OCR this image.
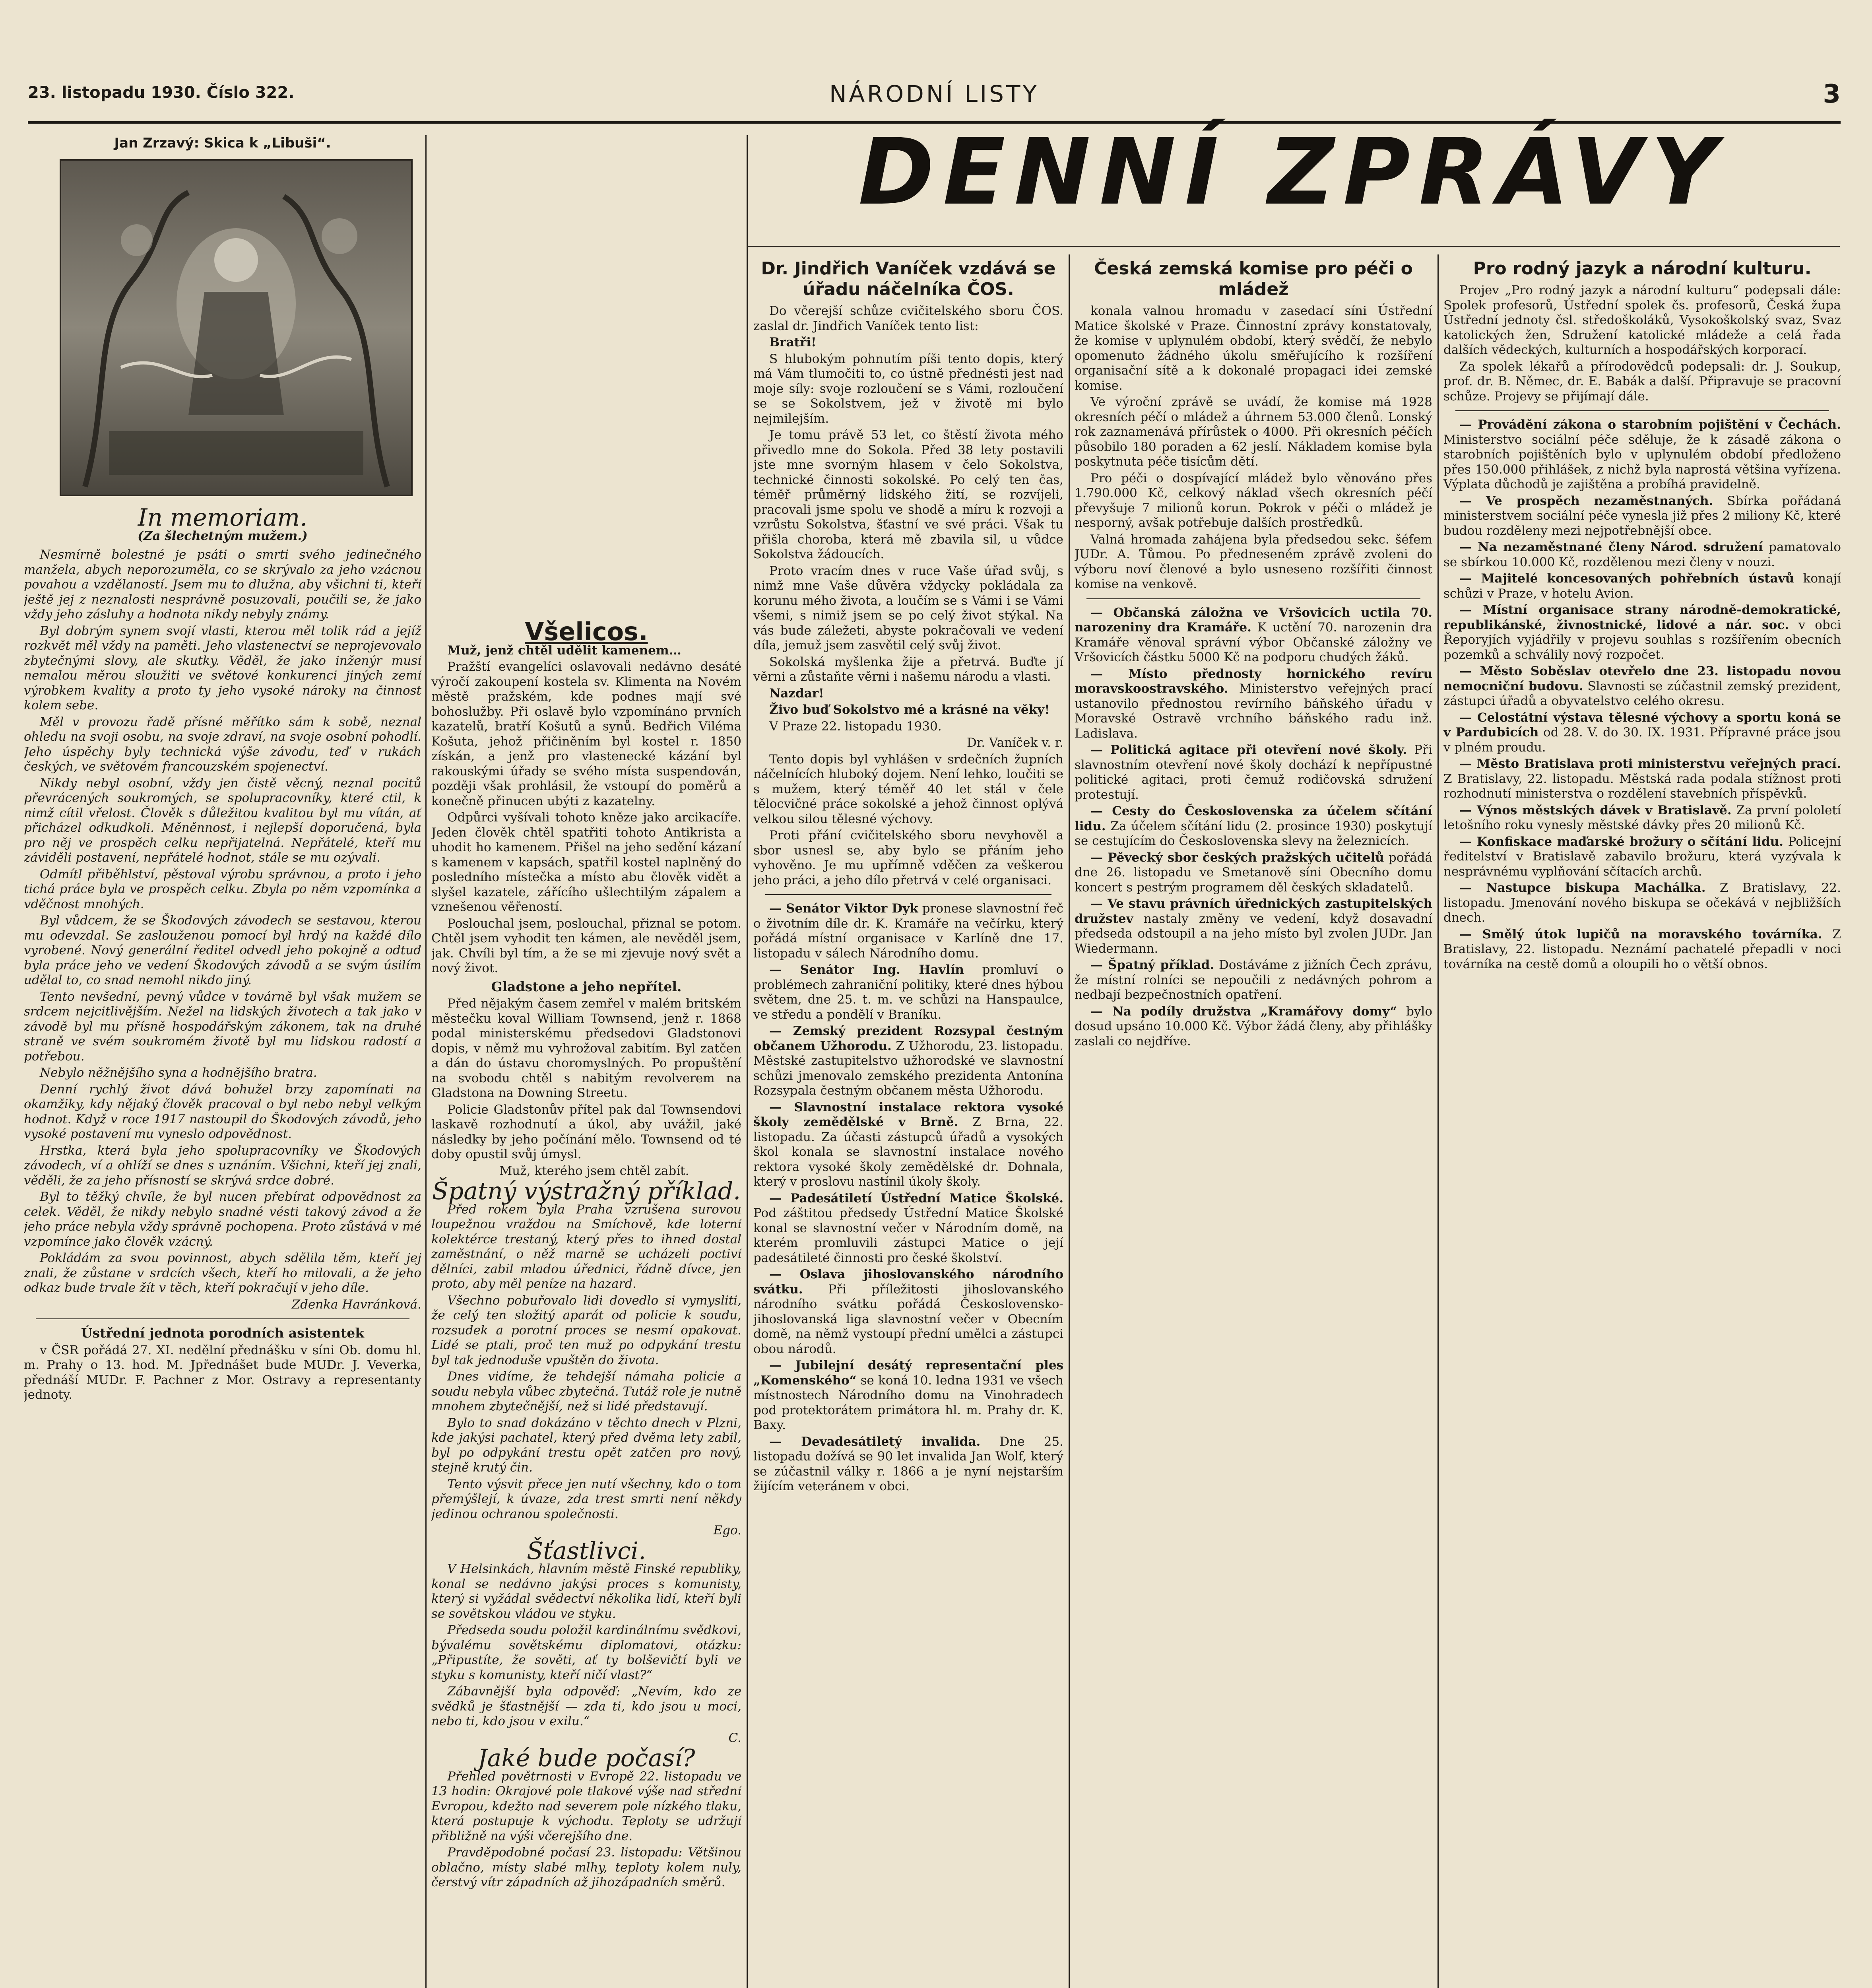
23. listopadu 1930. Číslo 322.	NÁRODNÍ LISTY	3
Jan Zrzavý: Skica k „Libuši“.
In memoriam.
(Za šlechetným mužem.)

Nesmírně bolestné je psáti o smrti svého jedinečného manžela, abych neporozuměla, co se skrývalo za jeho vzácnou povahou a vzdělaností. Jsem mu to dlužna, aby všichni ti, kteří ještě jej z neznalosti nesprávně posuzovali, poučili se, že jako vždy jeho zásluhy a hodnota nikdy nebyly známy.

Byl dobrým synem svojí vlasti, kterou měl tolik rád a jejíž rozkvět měl vždy na paměti. Jeho vlastenectví se neprojevovalo zbytečnými slovy, ale skutky. Věděl, že jako inženýr musí nemalou měrou sloužiti ve světové konkurenci jiných zemí výrobkem kvality a proto ty jeho vysoké nároky na činnost kolem sebe.

Měl v provozu řadě přísné měřítko sám k sobě, neznal ohledu na svoji osobu, na svoje zdraví, na svoje osobní pohodlí. Jeho úspěchy byly technická výše závodu, teď v rukách českých, ve světovém francouzském spojenectví.

Nikdy nebyl osobní, vždy jen čistě věcný, neznal pocitů převrácených soukromých, se spolupracovníky, které ctil, k nimž cítil vřelost. Člověk s důležitou kvalitou byl mu vítán, ať přicházel odkudkoli. Měněnnost, i nejlepší doporučená, byla pro něj ve prospěch celku nepřijatelná. Nepřátelé, kteří mu záviděli postavení, nepřátelé hodnot, stále se mu ozývali.

Odmítl přiběhlství, pěstoval výrobu správnou, a proto i jeho tichá práce byla ve prospěch celku. Zbyla po něm vzpomínka a vděčnost mnohých.

Byl vůdcem, že se Škodových závodech se sestavou, kterou mu odevzdal. Se zaslouženou pomocí byl hrdý na každé dílo vyrobené. Nový generální ředitel odvedl jeho pokojně a odtud byla práce jeho ve vedení Škodových závodů a se svým úsilím udělal to, co snad nemohl nikdo jiný.

Tento nevšední, pevný vůdce v továrně byl však mužem se srdcem nejcitlivějším. Nežel na lidských životech a tak jako v závodě byl mu přísně hospodářským zákonem, tak na druhé straně ve svém soukromém životě byl mu lidskou radostí a potřebou.

Nebylo něžnějšího syna a hodnějšího bratra.

Denní rychlý život dává bohužel brzy zapomínati na okamžiky, kdy nějaký člověk pracoval o byl nebo nebyl velkým hodnot. Když v roce 1917 nastoupil do Škodových závodů, jeho vysoké postavení mu vyneslo odpovědnost.

Hrstka, která byla jeho spolupracovníky ve Škodových závodech, ví a ohlíží se dnes s uznáním. Všichni, kteří jej znali, věděli, že za jeho přísností se skrývá srdce dobré.

Byl to těžký chvíle, že byl nucen přebírat odpovědnost za celek. Věděl, že nikdy nebylo snadné vésti takový závod a že jeho práce nebyla vždy správně pochopena. Proto zůstává v mé vzpomínce jako člověk vzácný.

Pokládám za svou povinnost, abych sdělila těm, kteří jej znali, že zůstane v srdcích všech, kteří ho milovali, a že jeho odkaz bude trvale žít v těch, kteří pokračují v jeho díle.

Zdenka Havránková.
Ústřední jednota porodních asistentek

v ČSR pořádá 27. XI. nedělní přednášku v síni Ob. domu hl. m. Prahy o 13. hod. M. Jpřednášet bude MUDr. J. Veverka, přednáší MUDr. F. Pachner z Mor. Ostravy a representanty jednoty.

Všelicos.

Muž, jenž chtěl udělit kamenem…

Pražští evangelíci oslavovali nedávno desáté výročí zakoupení kostela sv. Klimenta na Novém městě pražském, kde podnes mají své bohoslužby. Při oslavě bylo vzpomínáno prvních kazatelů, bratří Košutů a synů. Bedřich Viléma Košuta, jehož přičiněním byl kostel r. 1850 získán, a jenž pro vlastenecké kázání byl rakouskými úřady se svého místa suspendován, později však prohlásil, že vstoupí do poměrů a konečně přinucen ubýti z kazatelny.

Odpůrci vyšívali tohoto kněze jako arcikacíře. Jeden člověk chtěl spatřiti tohoto Antikrista a uhodit ho kamenem. Přišel na jeho sedění kázaní s kamenem v kapsách, spatřil kostel naplněný do posledního místečka a místo abu člověk vidět a slyšel kazatele, zářícího ušlechtilým zápalem a vznešenou věřeností.

Poslouchal jsem, poslouchal, přiznal se potom. Chtěl jsem vyhodit ten kámen, ale nevěděl jsem, jak. Chvíli byl tím, a že se mi zjevuje nový svět a nový život.

Gladstone a jeho nepřítel.

Před nějakým časem zemřel v malém britském městečku koval William Townsend, jenž r. 1868 podal ministerskému předsedovi Gladstonovi dopis, v němž mu vyhrožoval zabitím. Byl zatčen a dán do ústavu choromyslných. Po propuštění na svobodu chtěl s nabitým revolverem na Gladstona na Downing Streetu.

Policie Gladstonův přítel pak dal Townsendovi laskavě rozhodnutí a úkol, aby uvážil, jaké následky by jeho počínání mělo. Townsend od té doby opustil svůj úmysl.

Muž, kterého jsem chtěl zabít.

Špatný výstražný příklad.

Před rokem byla Praha vzrušena surovou loupežnou vraždou na Smíchově, kde loterní kolektérce trestaný, který přes to ihned dostal zaměstnání, o něž marně se ucházeli poctiví dělníci, zabil mladou úřednici, řádně dívce, jen proto, aby měl peníze na hazard.

Všechno pobuřovalo lidi dovedlo si vymysliti, že celý ten složitý aparát od policie k soudu, rozsudek a porotní proces se nesmí opakovat. Lidé se ptali, proč ten muž po odpykání trestu byl tak jednoduše vpuštěn do života.

Dnes vidíme, že tehdejší námaha policie a soudu nebyla vůbec zbytečná. Tutáž role je nutně mnohem zbytečnější, než si lidé představují.

Bylo to snad dokázáno v těchto dnech v Plzni, kde jakýsi pachatel, který před dvěma lety zabil, byl po odpykání trestu opět zatčen pro nový, stejně krutý čin.

Tento výsvit přece jen nutí všechny, kdo o tom přemýšlejí, k úvaze, zda trest smrti není někdy jedinou ochranou společnosti.

Ego.
Šťastlivci.

V Helsinkách, hlavním městě Finské republiky, konal se nedávno jakýsi proces s komunisty, který si vyžádal svědectví několika lidí, kteří byli se sovětskou vládou ve styku.

Předseda soudu položil kardinálnímu svědkovi, bývalému sovětskému diplomatovi, otázku: „Připustíte, že sověti, ať ty bolševičtí byli ve styku s komunisty, kteří ničí vlast?“

Zábavnější byla odpověď: „Nevím, kdo ze svědků je šťastnější — zda ti, kdo jsou u moci, nebo ti, kdo jsou v exilu.“

C.
Jaké bude počasí?

Přehled povětrnosti v Evropě 22. listopadu ve 13 hodin: Okrajové pole tlakové výše nad střední Evropou, kdežto nad severem pole nízkého tlaku, která postupuje k východu. Teploty se udržují přibližně na výši včerejšího dne.

Pravděpodobné počasí 23. listopadu: Většinou oblačno, místy slabé mlhy, teploty kolem nuly, čerstvý vítr západních až jihozápadních směrů.

DENNÍ ZPRÁVY
Dr. Jindřich Vaníček vzdává se úřadu náčelníka ČOS.

Do včerejší schůze cvičitelského sboru ČOS. zaslal dr. Jindřich Vaníček tento list:

Bratři!

S hlubokým pohnutím píši tento dopis, který má Vám tlumočiti to, co ústně přednésti jest nad moje síly: svoje rozloučení se s Vámi, rozloučení se se Sokolstvem, jež v životě mi bylo nejmilejším.

Je tomu právě 53 let, co štěstí života mého přivedlo mne do Sokola. Před 38 lety postavili jste mne svorným hlasem v čelo Sokolstva, technické činnosti sokolské. Po celý ten čas, téměř průměrný lidského žití, se rozvíjeli, pracovali jsme spolu ve shodě a míru k rozvoji a vzrůstu Sokolstva, šťastní ve své práci. Však tu přišla choroba, která mě zbavila sil, u vůdce Sokolstva žádoucích.

Proto vracím dnes v ruce Vaše úřad svůj, s nimž mne Vaše důvěra vždycky pokládala za korunu mého života, a loučím se s Vámi i se Vámi všemi, s nimiž jsem se po celý život stýkal. Na vás bude záležeti, abyste pokračovali ve vedení díla, jemuž jsem zasvětil celý svůj život.

Sokolská myšlenka žije a přetrvá. Buďte jí věrni a zůstaňte věrni i našemu národu a vlasti.

Nazdar!

Živo buď Sokolstvo mé a krásné na věky!

V Praze 22. listopadu 1930.

Dr. Vaníček v. r.

Tento dopis byl vyhlášen v srdečních župních náčelnících hluboký dojem. Není lehko, loučiti se s mužem, který téměř 40 let stál v čele tělocvičné práce sokolské a jehož činnost oplývá velkou silou tělesné výchovy.

Proti přání cvičitelského sboru nevyhověl a sbor usnesl se, aby bylo se přáním jeho vyhověno. Je mu upřímně vděčen za veškerou jeho práci, a jeho dílo přetrvá v celé organisaci.

— Senátor Viktor Dyk pronese slavnostní řeč o životním díle dr. K. Kramáře na večírku, který pořádá místní organisace v Karlíně dne 17. listopadu v sálech Národního domu.

— Senátor Ing. Havlín promluví o problémech zahraniční politiky, které dnes hýbou světem, dne 25. t. m. ve schůzi na Hanspaulce, ve středu a pondělí v Braníku.

— Zemský prezident Rozsypal čestným občanem Užhorodu. Z Užhorodu, 23. listopadu. Městské zastupitelstvo užhorodské ve slavnostní schůzi jmenovalo zemského prezidenta Antonína Rozsypala čestným občanem města Užhorodu.

— Slavnostní instalace rektora vysoké školy zemědělské v Brně. Z Brna, 22. listopadu. Za účasti zástupců úřadů a vysokých škol konala se slavnostní instalace nového rektora vysoké školy zemědělské dr. Dohnala, který v proslovu nastínil úkoly školy.

— Padesátiletí Ústřední Matice Školské. Pod záštitou předsedy Ústřední Matice Školské konal se slavnostní večer v Národním domě, na kterém promluvili zástupci Matice o její padesátileté činnosti pro české školství.

— Oslava jihoslovanského národního svátku. Při příležitosti jihoslovanského národního svátku pořádá Československo-jihoslovanská liga slavnostní večer v Obecním domě, na němž vystoupí přední umělci a zástupci obou národů.

— Jubilejní desátý representační ples „Komenského“ se koná 10. ledna 1931 ve všech místnostech Národního domu na Vinohradech pod protektorátem primátora hl. m. Prahy dr. K. Baxy.

— Devadesátiletý invalida. Dne 25. listopadu dožívá se 90 let invalida Jan Wolf, který se zúčastnil války r. 1866 a je nyní nejstarším žijícím veteránem v obci.

Česká zemská komise pro péči o mládež

konala valnou hromadu v zasedací síni Ústřední Matice školské v Praze. Činnostní zprávy konstatovaly, že komise v uplynulém období, který svědčí, že nebylo opomenuto žádného úkolu směřujícího k rozšíření organisační sítě a k dokonalé propagaci idei zemské komise.

Ve výroční zprávě se uvádí, že komise má 1928 okresních péčí o mládež a úhrnem 53.000 členů. Lonský rok zaznamenává přírůstek o 4000. Při okresních péčích působilo 180 poraden a 62 jeslí. Nákladem komise byla poskytnuta péče tisícům dětí.

Pro péči o dospívající mládež bylo věnováno přes 1.790.000 Kč, celkový náklad všech okresních péčí převyšuje 7 milionů korun. Pokrok v péči o mládež je nesporný, avšak potřebuje dalších prostředků.

Valná hromada zahájena byla předsedou sekc. šéfem JUDr. A. Tůmou. Po předneseném zprávě zvoleni do výboru noví členové a bylo usneseno rozšířiti činnost komise na venkově.

— Občanská záložna ve Vršovicích uctila 70. narozeniny dra Kramáře. K uctění 70. narozenin dra Kramáře věnoval správní výbor Občanské záložny ve Vršovicích částku 5000 Kč na podporu chudých žáků.

— Místo přednosty hornického revíru moravskoostravského. Ministerstvo veřejných prací ustanovilo přednostou revírního báňského úřadu v Moravské Ostravě vrchního báňského radu inž. Ladislava.

— Politická agitace při otevření nové školy. Při slavnostním otevření nové školy dochází k nepřípustné politické agitaci, proti čemuž rodičovská sdružení protestují.

— Cesty do Československa za účelem sčítání lidu. Za účelem sčítání lidu (2. prosince 1930) poskytují se cestujícím do Československa slevy na železnicích.

— Pěvecký sbor českých pražských učitelů pořádá dne 26. listopadu ve Smetanově síni Obecního domu koncert s pestrým programem děl českých skladatelů.

— Ve stavu právních úřednických zastupitelských družstev nastaly změny ve vedení, když dosavadní předseda odstoupil a na jeho místo byl zvolen JUDr. Jan Wiedermann.

— Špatný příklad. Dostáváme z jižních Čech zprávu, že místní rolníci se nepoučili z nedávných pohrom a nedbají bezpečnostních opatření.

— Na podíly družstva „Kramářovy domy“ bylo dosud upsáno 10.000 Kč. Výbor žádá členy, aby přihlášky zaslali co nejdříve.

Pro rodný jazyk a národní kulturu.

Projev „Pro rodný jazyk a národní kulturu“ podepsali dále: Spolek profesorů, Ústřední spolek čs. profesorů, Česká župa Ústřední jednoty čsl. středoškoláků, Vysokoškolský svaz, Svaz katolických žen, Sdružení katolické mládeže a celá řada dalších vědeckých, kulturních a hospodářských korporací.

Za spolek lékařů a přírodovědců podepsali: dr. J. Soukup, prof. dr. B. Němec, dr. E. Babák a další. Připravuje se pracovní schůze. Projevy se přijímají dále.

— Provádění zákona o starobním pojištění v Čechách. Ministerstvo sociální péče sděluje, že k zásadě zákona o starobních pojištěních bylo v uplynulém období předloženo přes 150.000 přihlášek, z nichž byla naprostá většina vyřízena. Výplata důchodů je zajištěna a probíhá pravidelně.

— Ve prospěch nezaměstnaných. Sbírka pořádaná ministerstvem sociální péče vynesla již přes 2 miliony Kč, které budou rozděleny mezi nejpotřebnější obce.

— Na nezaměstnané členy Národ. sdružení pamatovalo se sbírkou 10.000 Kč, rozdělenou mezi členy v nouzi.

— Majitelé koncesovaných pohřebních ústavů konají schůzi v Praze, v hotelu Avion.

— Místní organisace strany národně-demokratické, republikánské, živnostnické, lidové a nár. soc. v obci Řeporyjích vyjádřily v projevu souhlas s rozšířením obecních pozemků a schválily nový rozpočet.

— Město Soběslav otevřelo dne 23. listopadu novou nemocniční budovu. Slavnosti se zúčastnil zemský prezident, zástupci úřadů a obyvatelstvo celého okresu.

— Celostátní výstava tělesné výchovy a sportu koná se v Pardubicích od 28. V. do 30. IX. 1931. Přípravné práce jsou v plném proudu.

— Město Bratislava proti ministerstvu veřejných prací. Z Bratislavy, 22. listopadu. Městská rada podala stížnost proti rozhodnutí ministerstva o rozdělení stavebních příspěvků.

— Výnos městských dávek v Bratislavě. Za první pololetí letošního roku vynesly městské dávky přes 20 milionů Kč.

— Konfiskace maďarské brožury o sčítání lidu. Policejní ředitelství v Bratislavě zabavilo brožuru, která vyzývala k nesprávnému vyplňování sčítacích archů.

— Nastupce biskupa Machálka. Z Bratislavy, 22. listopadu. Jmenování nového biskupa se očekává v nejbližších dnech.

— Smělý útok lupičů na moravského továrníka. Z Bratislavy, 22. listopadu. Neznámí pachatelé přepadli v noci továrníka na cestě domů a oloupili ho o větší obnos.
